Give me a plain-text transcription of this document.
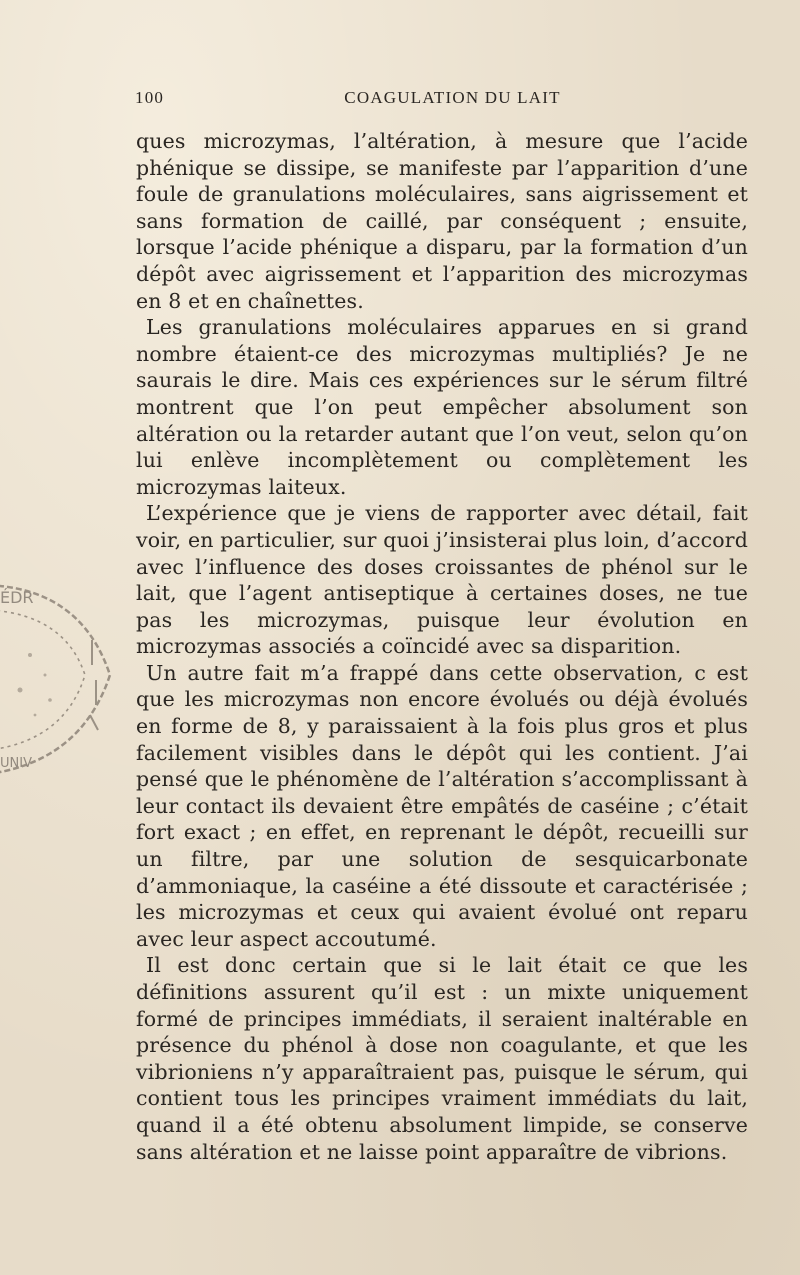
100	COAGULATION DU LAIT
ÉDR
UNIV

ques microzymas, l’altération, à mesure que l’acide phénique se dissipe, se manifeste par l’apparition d’une foule de granulations moléculaires, sans aigrissement et sans formation de caillé, par conséquent ; ensuite, lorsque l’acide phénique a disparu, par la formation d’un dépôt avec aigrissement et l’apparition des microzymas en 8 et en chaînettes.

Les granulations moléculaires apparues en si grand nombre étaient-ce des microzymas multipliés? Je ne saurais le dire. Mais ces expériences sur le sérum filtré montrent que l’on peut empêcher absolument son altération ou la retarder autant que l’on veut, selon qu’on lui enlève incomplètement ou complètement les microzymas laiteux.

L’expérience que je viens de rapporter avec détail, fait voir, en particulier, sur quoi j’insisterai plus loin, d’accord avec l’influence des doses croissantes de phénol sur le lait, que l’agent antiseptique à certaines doses, ne tue pas les microzymas, puisque leur évolution en microzymas associés a coïncidé avec sa disparition.

Un autre fait m’a frappé dans cette observation, c est que les microzymas non encore évolués ou déjà évolués en forme de 8, y paraissaient à la fois plus gros et plus facilement visibles dans le dépôt qui les contient. J’ai pensé que le phénomène de l’altération s’accomplissant à leur contact ils devaient être empâtés de caséine ; c’était fort exact ; en effet, en reprenant le dépôt, recueilli sur un filtre, par une solution de sesquicarbonate d’ammoniaque, la caséine a été dissoute et caractérisée ; les microzymas et ceux qui avaient évolué ont reparu avec leur aspect accoutumé.

Il est donc certain que si le lait était ce que les définitions assurent qu’il est : un mixte uniquement formé de principes immédiats, il seraient inaltérable en présence du phénol à dose non coagulante, et que les vibrioniens n’y apparaîtraient pas, puisque le sérum, qui contient tous les principes vraiment immédiats du lait, quand il a été obtenu absolument limpide, se conserve sans altération et ne laisse point apparaître de vibrions.
